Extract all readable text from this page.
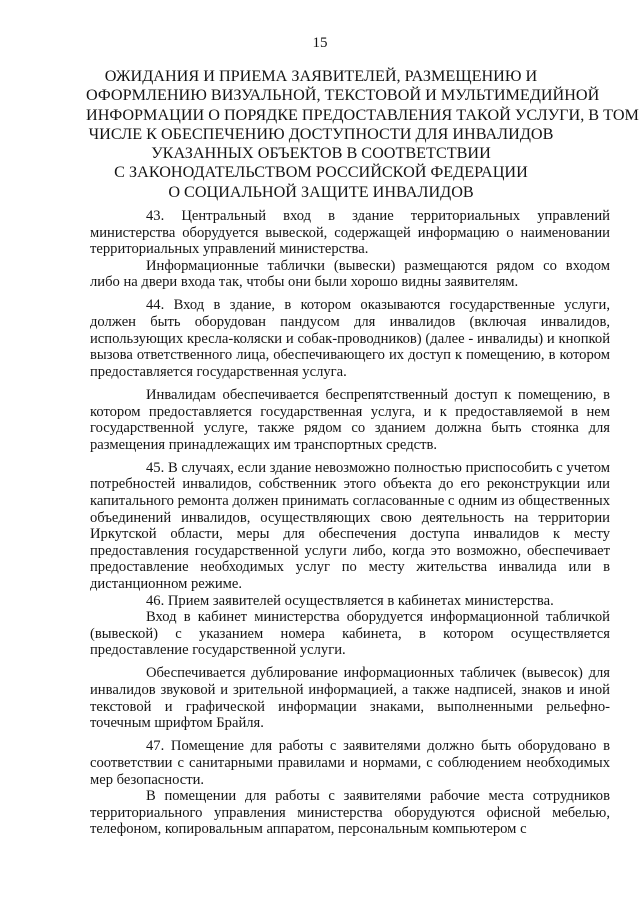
15
ОЖИДАНИЯ И ПРИЕМА ЗАЯВИТЕЛЕЙ, РАЗМЕЩЕНИЮ И
ОФОРМЛЕНИЮ ВИЗУАЛЬНОЙ, ТЕКСТОВОЙ И МУЛЬТИМЕДИЙНОЙ
ИНФОРМАЦИИ О ПОРЯДКЕ ПРЕДОСТАВЛЕНИЯ ТАКОЙ УСЛУГИ, В ТОМ
ЧИСЛЕ К ОБЕСПЕЧЕНИЮ ДОСТУПНОСТИ ДЛЯ ИНВАЛИДОВ
УКАЗАННЫХ ОБЪЕКТОВ В СООТВЕТСТВИИ
С ЗАКОНОДАТЕЛЬСТВОМ РОССИЙСКОЙ ФЕДЕРАЦИИ
О СОЦИАЛЬНОЙ ЗАЩИТЕ ИНВАЛИДОВ

43. Центральный вход в здание территориальных управлений министерства оборудуется вывеской, содержащей информацию о наименовании территориальных управлений министерства.

Информационные таблички (вывески) размещаются рядом со входом либо на двери входа так, чтобы они были хорошо видны заявителям.

44. Вход в здание, в котором оказываются государственные услуги, должен быть оборудован пандусом для инвалидов (включая инвалидов, использующих кресла-коляски и собак-проводников) (далее - инвалиды) и кнопкой вызова ответственного лица, обеспечивающего их доступ к помещению, в котором предоставляется государственная услуга.

Инвалидам обеспечивается беспрепятственный доступ к помещению, в котором предоставляется государственная услуга, и к предоставляемой в нем государственной услуге, также рядом со зданием должна быть стоянка для размещения принадлежащих им транспортных средств.

45. В случаях, если здание невозможно полностью приспособить с учетом потребностей инвалидов, собственник этого объекта до его реконструкции или капитального ремонта должен принимать согласованные с одним из общественных объединений инвалидов, осуществляющих свою деятельность на территории Иркутской области, меры для обеспечения доступа инвалидов к месту предоставления государственной услуги либо, когда это возможно, обеспечивает предоставление необходимых услуг по месту жительства инвалида или в дистанционном режиме.

46. Прием заявителей осуществляется в кабинетах министерства.

Вход в кабинет министерства оборудуется информационной табличкой (вывеской) с указанием номера кабинета, в котором осуществляется предоставление государственной услуги.

Обеспечивается дублирование информационных табличек (вывесок) для инвалидов звуковой и зрительной информацией, а также надписей, знаков и иной текстовой и графической информации знаками, выполненными рельефно-точечным шрифтом Брайля.

47. Помещение для работы с заявителями должно быть оборудовано в соответствии с санитарными правилами и нормами, с соблюдением необходимых мер безопасности.

В помещении для работы с заявителями рабочие места сотрудников территориального управления министерства оборудуются офисной мебелью, телефоном, копировальным аппаратом, персональным компьютером с
